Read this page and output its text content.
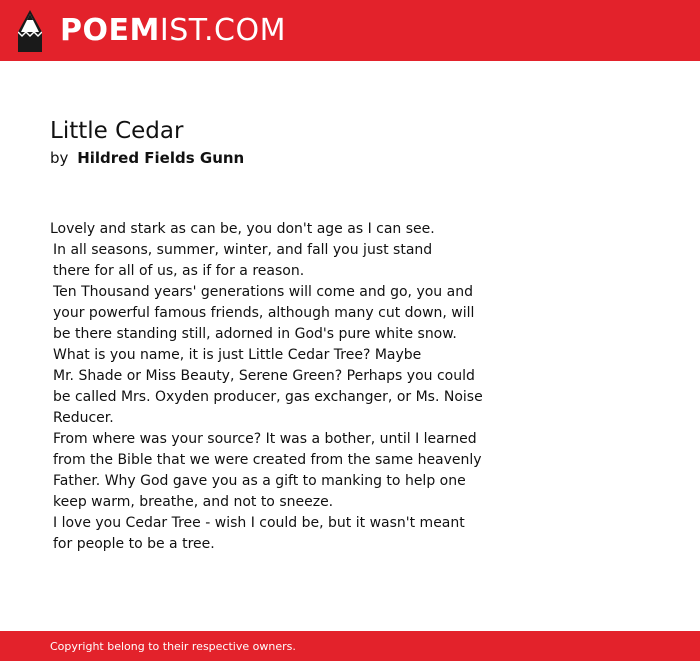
POEMIST.COM
Little Cedar
by Hildred Fields Gunn
Lovely and stark as can be, you don't age as I can see.
In all seasons, summer, winter, and fall you just stand
there for all of us, as if for a reason.
Ten Thousand years' generations will come and go, you and
your powerful famous friends, although many cut down, will
be there standing still, adorned in God's pure white snow.
What is you name, it is just Little Cedar Tree? Maybe
Mr. Shade or Miss Beauty, Serene Green? Perhaps you could
be called Mrs. Oxyden producer, gas exchanger, or Ms. Noise
Reducer.
From where was your source? It was a bother, until I learned
from the Bible that we were created from the same heavenly
Father. Why God gave you as a gift to manking to help one
keep warm, breathe, and not to sneeze.
I love you Cedar Tree - wish I could be, but it wasn't meant
for people to be a tree.
Copyright belong to their respective owners.
